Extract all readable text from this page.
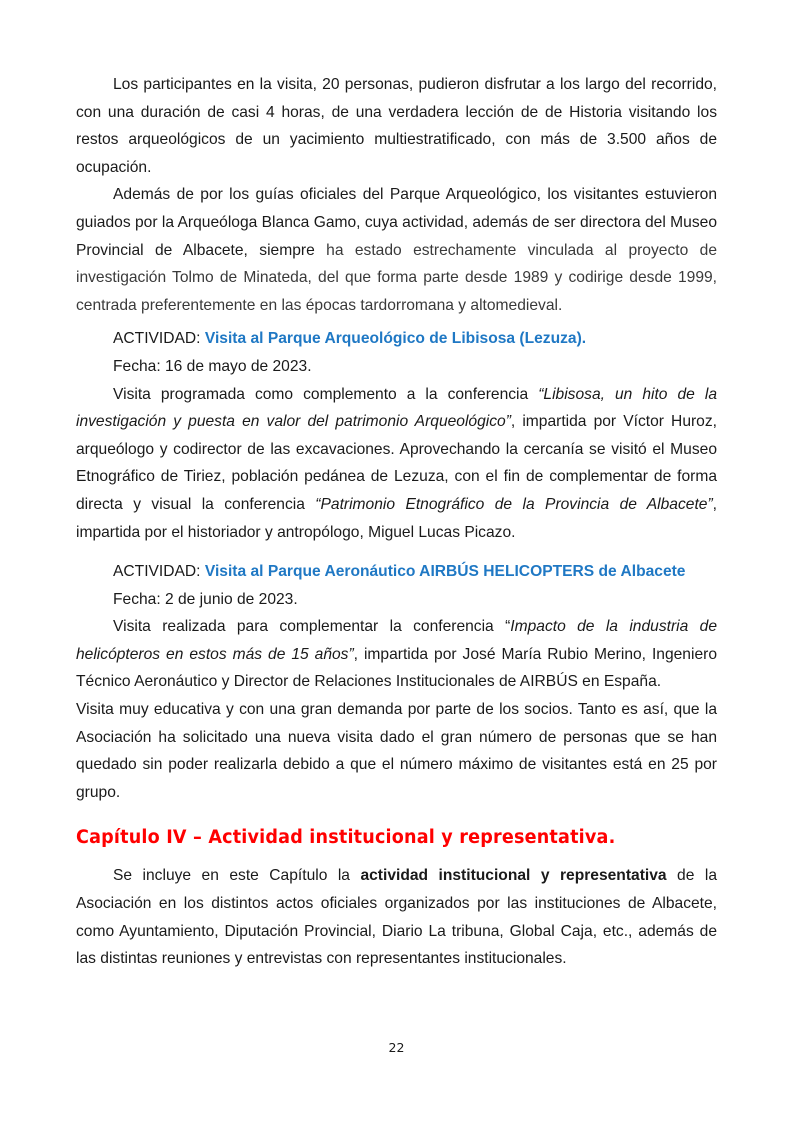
Los participantes en la visita, 20 personas, pudieron disfrutar a los largo del recorrido, con una duración de casi 4 horas, de una verdadera lección de de Historia visitando los restos arqueológicos de un yacimiento multiestratificado, con más de 3.500 años de ocupación.

Además de por los guías oficiales del Parque Arqueológico, los visitantes estuvieron guiados por la Arqueóloga Blanca Gamo, cuya actividad, además de ser directora del Museo Provincial de Albacete, siempre ha estado estrechamente vinculada al proyecto de investigación Tolmo de Minateda, del que forma parte desde 1989 y codirige desde 1999, centrada preferentemente en las épocas tardorromana y altomedieval.

ACTIVIDAD: Visita al Parque Arqueológico de Libisosa (Lezuza).

Fecha: 16 de mayo de 2023.

Visita programada como complemento a la conferencia “Libisosa, un hito de la investigación y puesta en valor del patrimonio Arqueológico”, impartida por Víctor Huroz, arqueólogo y codirector de las excavaciones. Aprovechando la cercanía se visitó el Museo Etnográfico de Tiriez, población pedánea de Lezuza, con el fin de complementar de forma directa y visual la conferencia “Patrimonio Etnográfico de la Provincia de Albacete”, impartida por el historiador y antropólogo, Miguel Lucas Picazo.

ACTIVIDAD: Visita al Parque Aeronáutico AIRBÚS HELICOPTERS de Albacete

Fecha: 2 de junio de 2023.

Visita realizada para complementar la conferencia “Impacto de la industria de helicópteros en estos más de 15 años”, impartida por José María Rubio Merino, Ingeniero Técnico Aeronáutico y Director de Relaciones Institucionales de AIRBÚS en España.

Visita muy educativa y con una gran demanda por parte de los socios. Tanto es así, que la Asociación ha solicitado una nueva visita dado el gran número de personas que se han quedado sin poder realizarla debido a que el número máximo de visitantes está en 25 por grupo.

Capítulo IV – Actividad institucional y representativa.

Se incluye en este Capítulo la actividad institucional y representativa de la Asociación en los distintos actos oficiales organizados por las instituciones de Albacete, como Ayuntamiento, Diputación Provincial, Diario La tribuna, Global Caja, etc., además de las distintas reuniones y entrevistas con representantes institucionales.

22
